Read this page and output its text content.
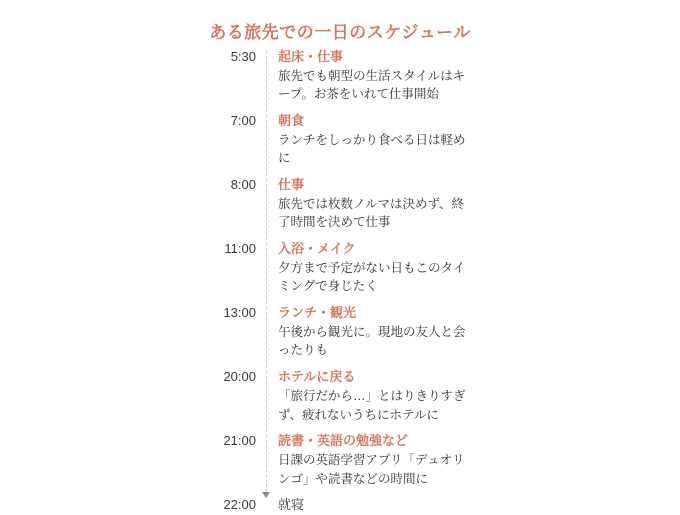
ある旅先での一日のスケジュール
5:30 起床・仕事

旅先でも朝型の生活スタイルはキープ。お茶をいれて仕事開始

7:00 朝食

ランチをしっかり食べる日は軽めに

8:00 仕事

旅先では枚数ノルマは決めず、終了時間を決めて仕事

11:00 入浴・メイク

夕方まで予定がない日もこのタイミングで身じたく

13:00 ランチ・観光

午後から観光に。現地の友人と会ったりも

20:00 ホテルに戻る

「旅行だから…」とはりきりすぎず、疲れないうちにホテルに

21:00 読書・英語の勉強など

日課の英語学習アプリ「デュオリンゴ」や読書などの時間に

22:00 就寝
